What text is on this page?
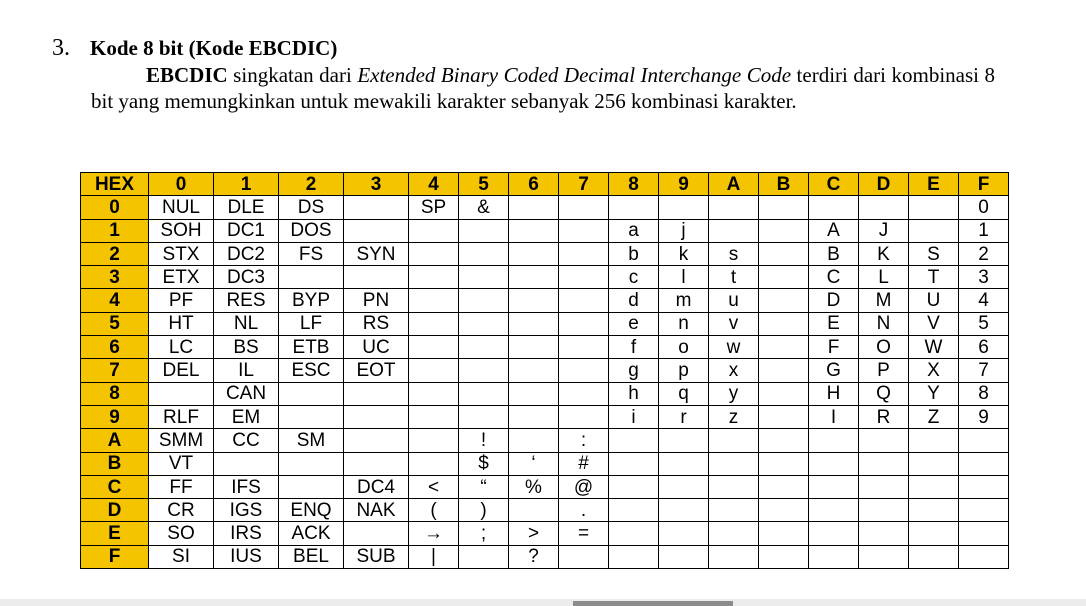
3. Kode 8 bit (Kode EBCDIC)
EBCDIC singkatan dari Extended Binary Coded Decimal Interchange Code terdiri dari kombinasi 8 bit yang memungkinkan untuk mewakili karakter sebanyak 256 kombinasi karakter.
HEX	0	1	2	3	4	5	6	7	8	9	A	B	C	D	E	F
0	NUL	DLE	DS		SP	&										0
1	SOH	DC1	DOS						a	j			A	J		1
2	STX	DC2	FS	SYN					b	k	s		B	K	S	2
3	ETX	DC3							c	l	t		C	L	T	3
4	PF	RES	BYP	PN					d	m	u		D	M	U	4
5	HT	NL	LF	RS					e	n	v		E	N	V	5
6	LC	BS	ETB	UC					f	o	w		F	O	W	6
7	DEL	IL	ESC	EOT					g	p	x		G	P	X	7
8		CAN							h	q	y		H	Q	Y	8
9	RLF	EM							i	r	z		I	R	Z	9
A	SMM	CC	SM			!		:								
B	VT					$	‘	#								
C	FF	IFS		DC4	<	“	%	@								
D	CR	IGS	ENQ	NAK	(	)		.								
E	SO	IRS	ACK		→	;	>	=								
F	SI	IUS	BEL	SUB	|		?									
